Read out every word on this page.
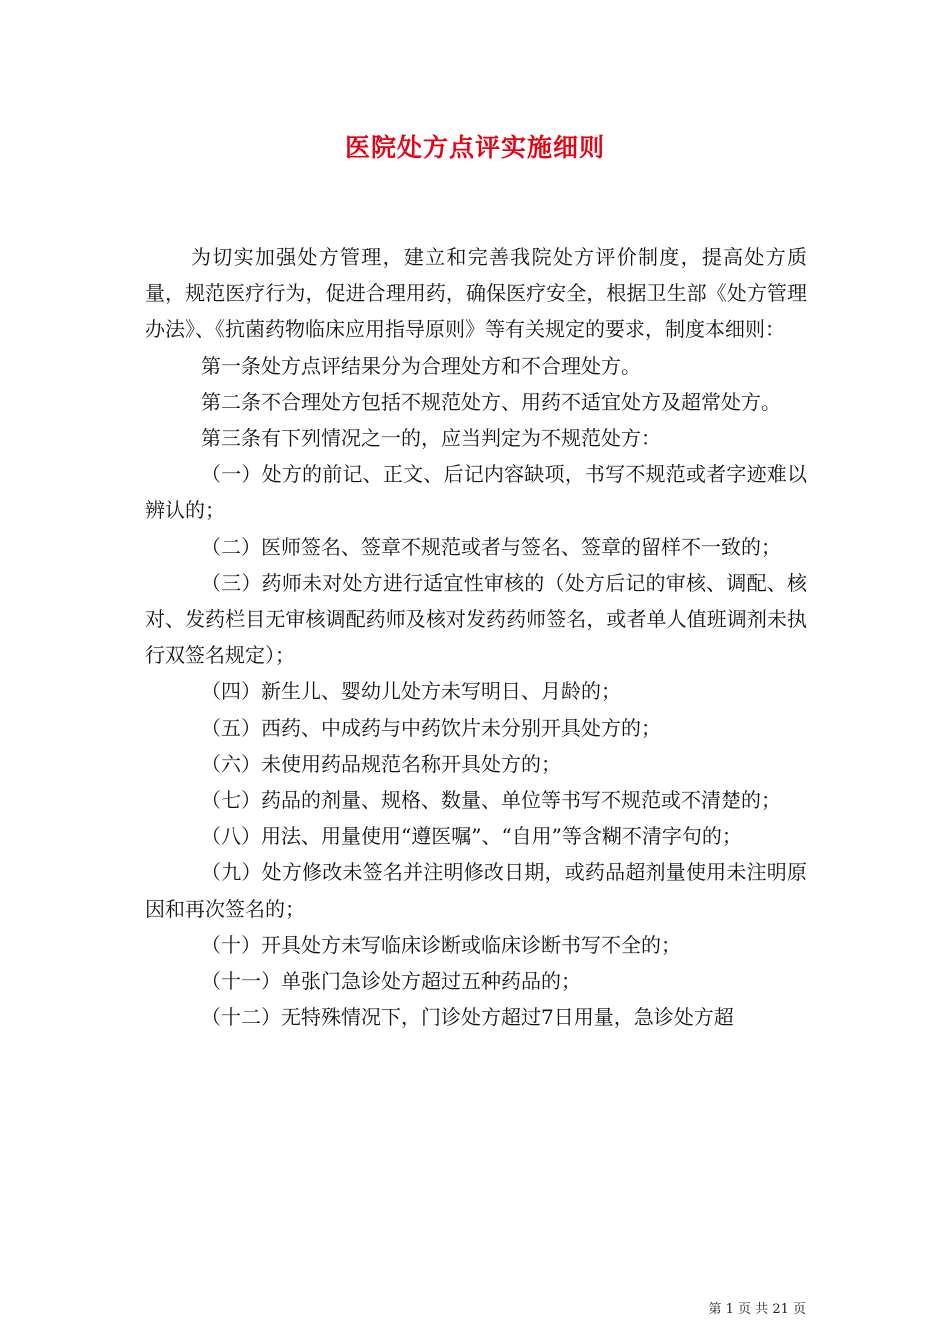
医院处方点评实施细则

为切实加强处方管理，建立和完善我院处方评价制度，提高处方质量，规范医疗行为，促进合理用药，确保医疗安全，根据卫生部《处方管理办法》、《抗菌药物临床应用指导原则》等有关规定的要求，制度本细则：

第一条处方点评结果分为合理处方和不合理处方。

第二条不合理处方包括不规范处方、用药不适宜处方及超常处方。

第三条有下列情况之一的，应当判定为不规范处方：

（一）处方的前记、正文、后记内容缺项，书写不规范或者字迹难以辨认的；

（二）医师签名、签章不规范或者与签名、签章的留样不一致的；

（三）药师未对处方进行适宜性审核的（处方后记的审核、调配、核对、发药栏目无审核调配药师及核对发药药师签名，或者单人值班调剂未执行双签名规定）；

（四）新生儿、婴幼儿处方未写明日、月龄的；

（五）西药、中成药与中药饮片未分别开具处方的；

（六）未使用药品规范名称开具处方的；

（七）药品的剂量、规格、数量、单位等书写不规范或不清楚的；

（八）用法、用量使用“遵医嘱”、“自用”等含糊不清字句的；

（九）处方修改未签名并注明修改日期，或药品超剂量使用未注明原因和再次签名的；

（十）开具处方未写临床诊断或临床诊断书写不全的；

（十一）单张门急诊处方超过五种药品的；

（十二）无特殊情况下，门诊处方超过7日用量，急诊处方超

第 1 页 共 21 页
